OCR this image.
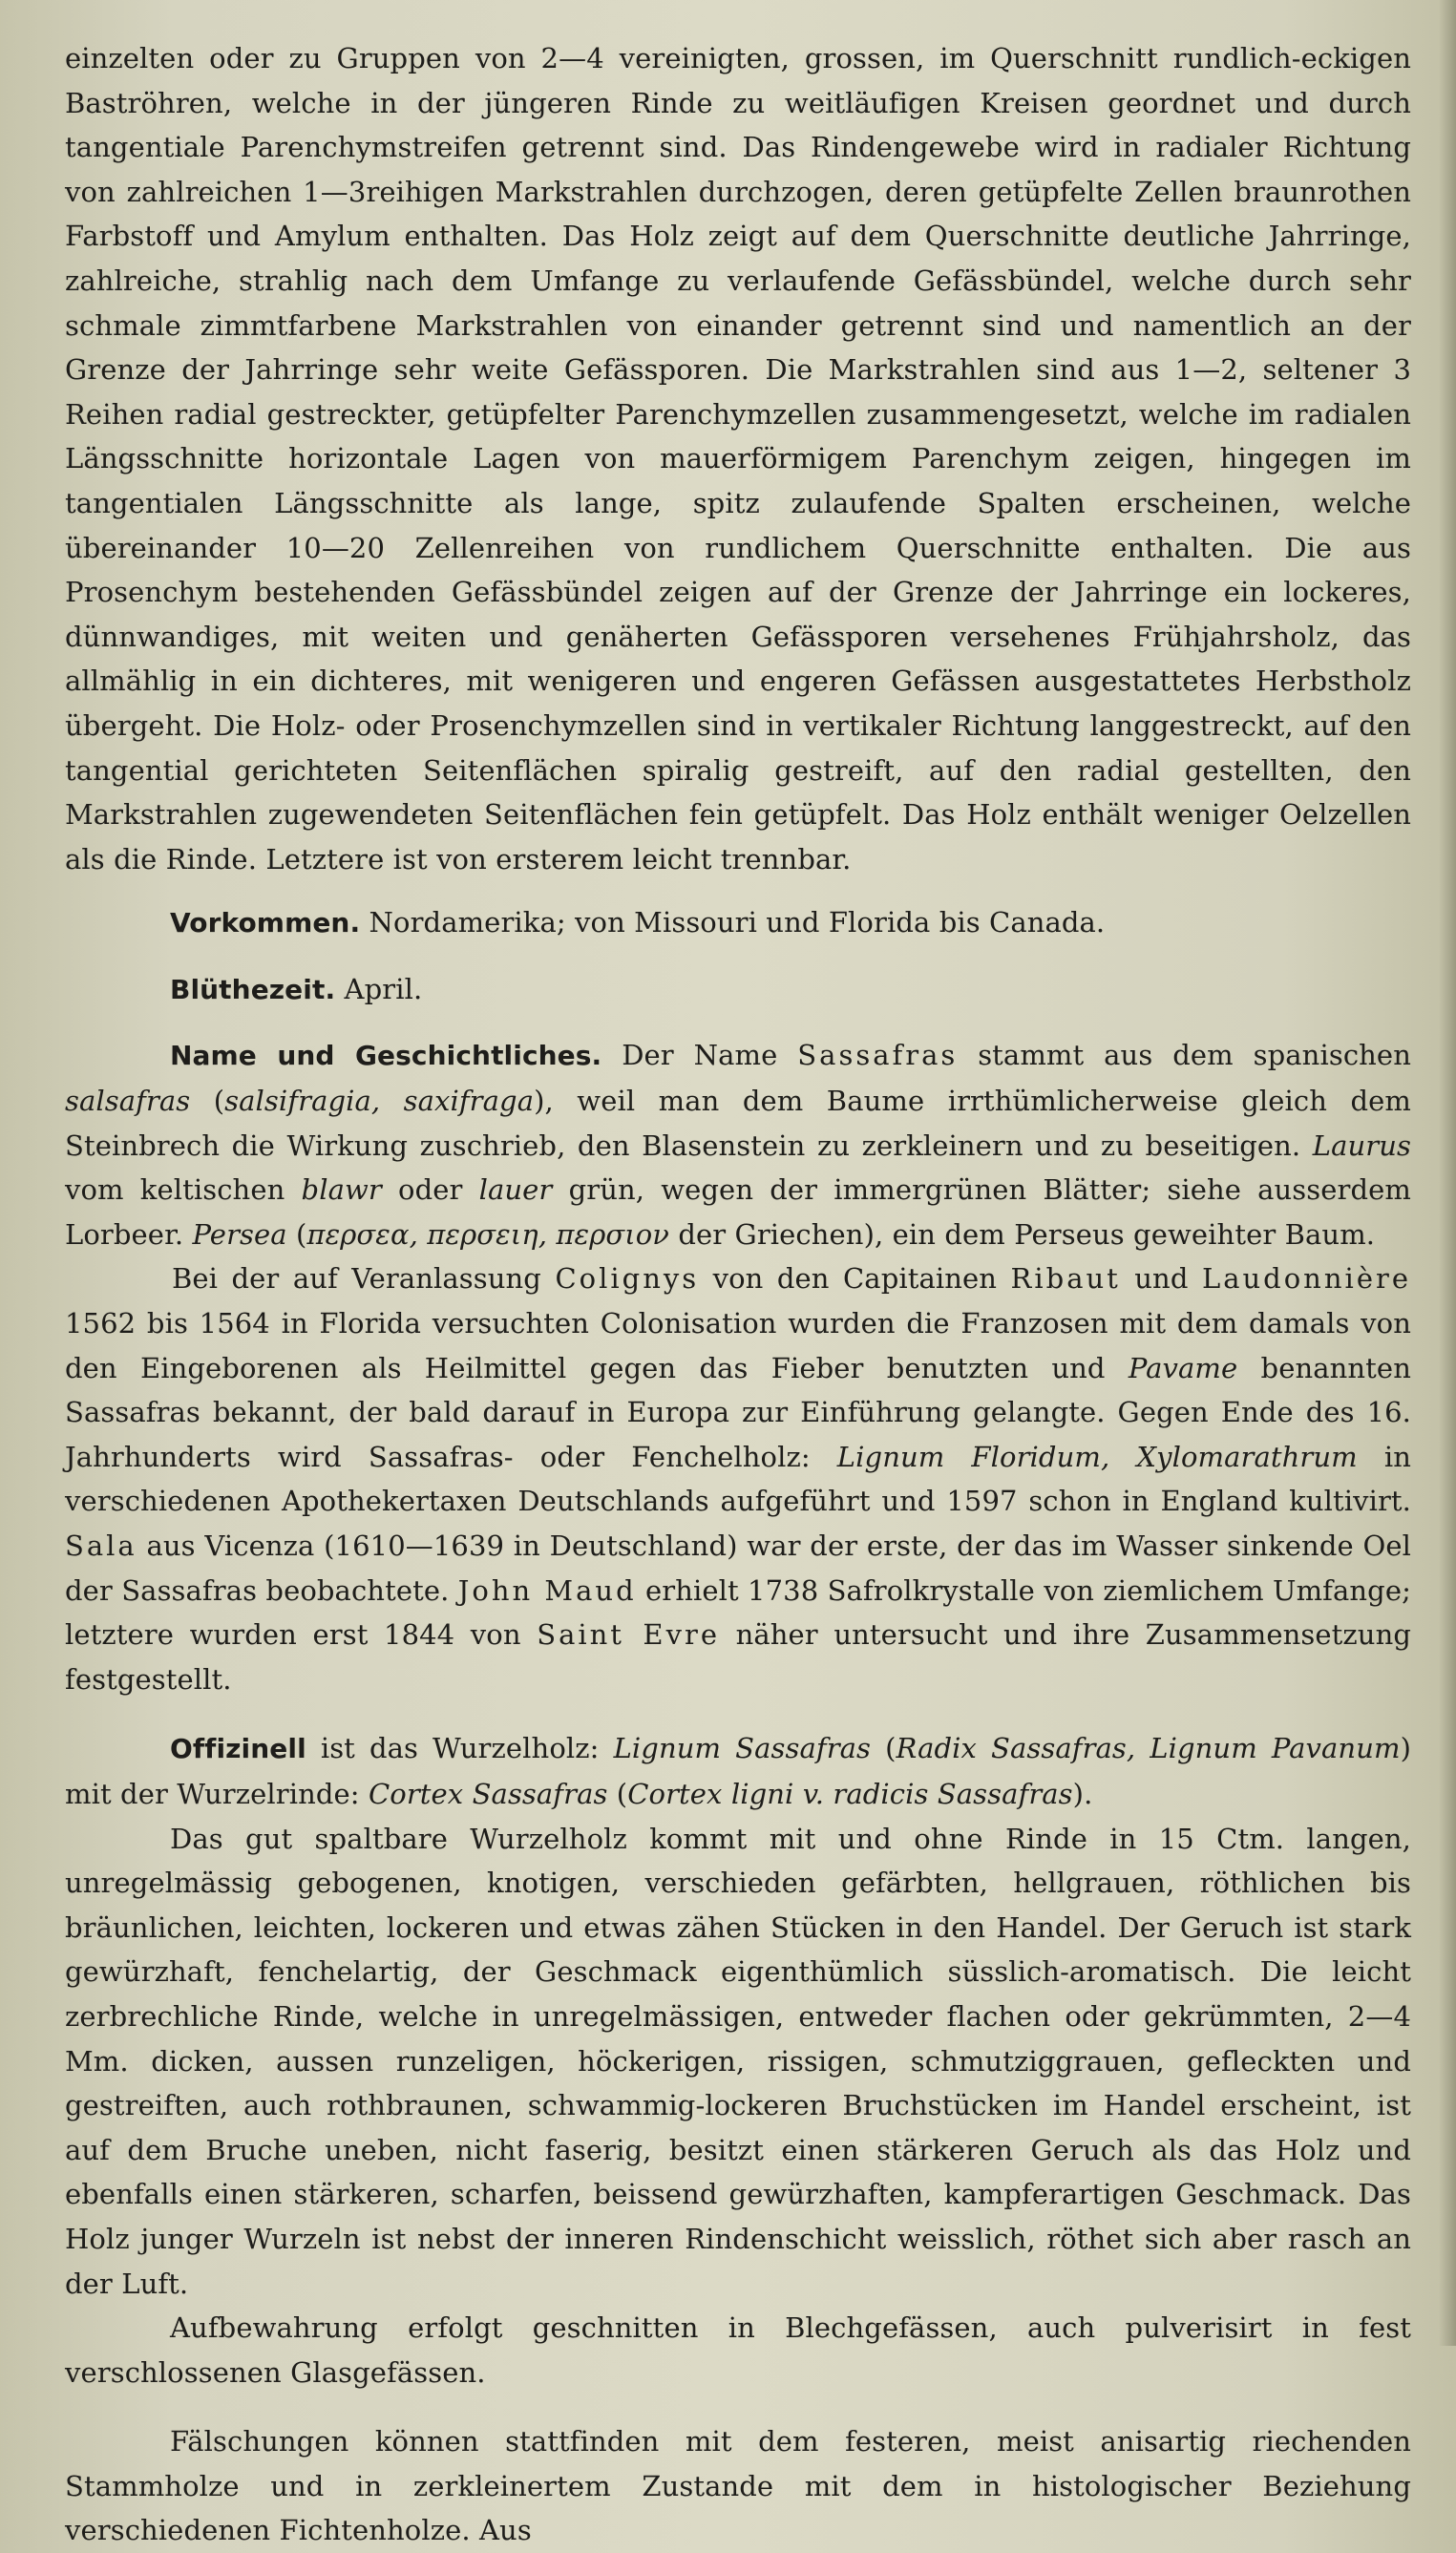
einzelten oder zu Gruppen von 2—4 vereinigten, grossen, im Querschnitt rundlich-eckigen Baströhren, welche in der jüngeren Rinde zu weitläufigen Kreisen geordnet und durch tangentiale Parenchymstreifen getrennt sind. Das Rindengewebe wird in radialer Richtung von zahlreichen 1—3reihigen Markstrahlen durchzogen, deren getüpfelte Zellen braunrothen Farbstoff und Amylum enthalten. Das Holz zeigt auf dem Querschnitte deutliche Jahrringe, zahlreiche, strahlig nach dem Umfange zu verlaufende Gefässbündel, welche durch sehr schmale zimmtfarbene Markstrahlen von einander getrennt sind und namentlich an der Grenze der Jahrringe sehr weite Gefässporen. Die Markstrahlen sind aus 1—2, seltener 3 Reihen radial gestreckter, getüpfelter Parenchymzellen zusammengesetzt, welche im radialen Längsschnitte horizontale Lagen von mauerförmigem Parenchym zeigen, hingegen im tangentialen Längsschnitte als lange, spitz zulaufende Spalten erscheinen, welche übereinander 10—20 Zellenreihen von rundlichem Querschnitte enthalten. Die aus Prosenchym bestehenden Gefässbündel zeigen auf der Grenze der Jahrringe ein lockeres, dünnwandiges, mit weiten und genäherten Gefässporen versehenes Frühjahrsholz, das allmählig in ein dichteres, mit wenigeren und engeren Gefässen ausgestattetes Herbstholz übergeht. Die Holz- oder Prosenchymzellen sind in vertikaler Richtung langgestreckt, auf den tangential gerichteten Seitenflächen spiralig gestreift, auf den radial gestellten, den Markstrahlen zugewendeten Seitenflächen fein getüpfelt. Das Holz enthält weniger Oelzellen als die Rinde. Letztere ist von ersterem leicht trennbar.

Vorkommen. Nordamerika; von Missouri und Florida bis Canada.

Blüthezeit. April.

Name und Geschichtliches. Der Name Sassafras stammt aus dem spanischen salsafras (salsifragia, saxifraga), weil man dem Baume irrthümlicherweise gleich dem Steinbrech die Wirkung zuschrieb, den Blasenstein zu zerkleinern und zu beseitigen. Laurus vom keltischen blawr oder lauer grün, wegen der immergrünen Blätter; siehe ausserdem Lorbeer. Persea (περσεα, περσειη, περσιον der Griechen), ein dem Perseus geweihter Baum.

Bei der auf Veranlassung Colignys von den Capitainen Ribaut und Laudonnière 1562 bis 1564 in Florida versuchten Colonisation wurden die Franzosen mit dem damals von den Eingeborenen als Heilmittel gegen das Fieber benutzten und Pavame benannten Sassafras bekannt, der bald darauf in Europa zur Einführung gelangte. Gegen Ende des 16. Jahrhunderts wird Sassafras- oder Fenchelholz: Lignum Floridum, Xylomarathrum in verschiedenen Apothekertaxen Deutschlands aufgeführt und 1597 schon in England kultivirt. Sala aus Vicenza (1610—1639 in Deutschland) war der erste, der das im Wasser sinkende Oel der Sassafras beobachtete. John Maud erhielt 1738 Safrolkrystalle von ziemlichem Umfange; letztere wurden erst 1844 von Saint Evre näher untersucht und ihre Zusammensetzung festgestellt.

Offizinell ist das Wurzelholz: Lignum Sassafras (Radix Sassafras, Lignum Pavanum) mit der Wurzelrinde: Cortex Sassafras (Cortex ligni v. radicis Sassafras).

Das gut spaltbare Wurzelholz kommt mit und ohne Rinde in 15 Ctm. langen, unregelmässig gebogenen, knotigen, verschieden gefärbten, hellgrauen, röthlichen bis bräunlichen, leichten, lockeren und etwas zähen Stücken in den Handel. Der Geruch ist stark gewürzhaft, fenchelartig, der Geschmack eigenthümlich süsslich-aromatisch. Die leicht zerbrechliche Rinde, welche in unregelmässigen, entweder flachen oder gekrümmten, 2—4 Mm. dicken, aussen runzeligen, höckerigen, rissigen, schmutziggrauen, gefleckten und gestreiften, auch rothbraunen, schwammig-lockeren Bruchstücken im Handel erscheint, ist auf dem Bruche uneben, nicht faserig, besitzt einen stärkeren Geruch als das Holz und ebenfalls einen stärkeren, scharfen, beissend gewürzhaften, kampferartigen Geschmack. Das Holz junger Wurzeln ist nebst der inneren Rindenschicht weisslich, röthet sich aber rasch an der Luft.

Aufbewahrung erfolgt geschnitten in Blechgefässen, auch pulverisirt in fest verschlossenen Glasgefässen.

Fälschungen können stattfinden mit dem festeren, meist anisartig riechenden Stammholze und in zerkleinertem Zustande mit dem in histologischer Beziehung verschiedenen Fichtenholze. Aus
